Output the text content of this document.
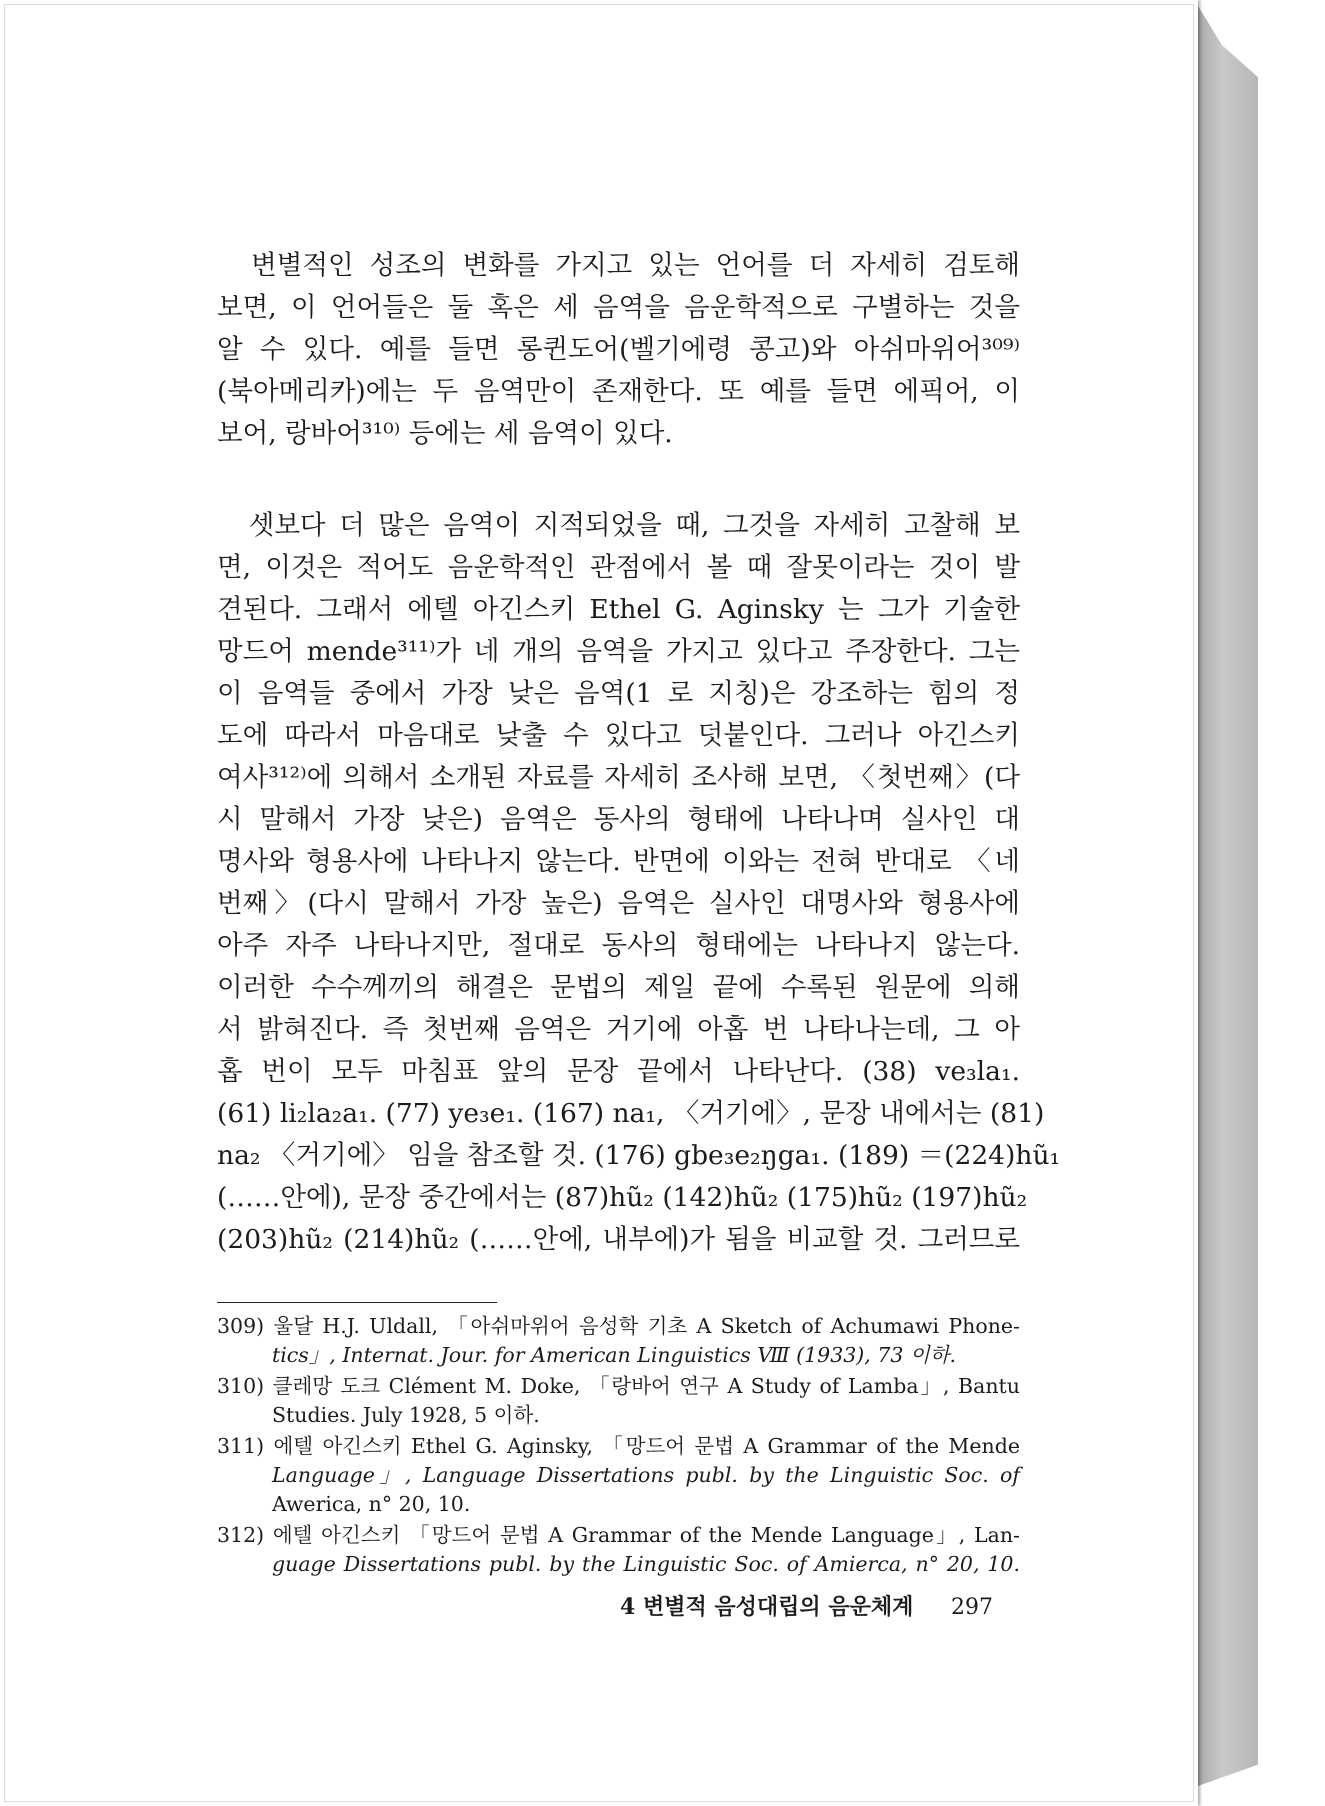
　변별적인 성조의 변화를 가지고 있는 언어를 더 자세히 검토해
보면, 이 언어들은 둘 혹은 세 음역을 음운학적으로 구별하는 것을
알 수 있다. 예를 들면 롱퀸도어(벨기에령 콩고)와 아쉬마위어³⁰⁹⁾
(북아메리카)에는 두 음역만이 존재한다. 또 예를 들면 에픽어, 이
보어, 랑바어³¹⁰⁾ 등에는 세 음역이 있다.
　셋보다 더 많은 음역이 지적되었을 때, 그것을 자세히 고찰해 보
면, 이것은 적어도 음운학적인 관점에서 볼 때 잘못이라는 것이 발
견된다. 그래서 에텔 아긴스키 Ethel G. Aginsky 는 그가 기술한
망드어 mende³¹¹⁾가 네 개의 음역을 가지고 있다고 주장한다. 그는
이 음역들 중에서 가장 낮은 음역(1 로 지칭)은 강조하는 힘의 정
도에 따라서 마음대로 낮출 수 있다고 덧붙인다. 그러나 아긴스키
여사³¹²⁾에 의해서 소개된 자료를 자세히 조사해 보면, 〈첫번째〉(다
시 말해서 가장 낮은) 음역은 동사의 형태에 나타나며 실사인 대
명사와 형용사에 나타나지 않는다. 반면에 이와는 전혀 반대로 〈네
번째〉(다시 말해서 가장 높은) 음역은 실사인 대명사와 형용사에
아주 자주 나타나지만, 절대로 동사의 형태에는 나타나지 않는다.
이러한 수수께끼의 해결은 문법의 제일 끝에 수록된 원문에 의해
서 밝혀진다. 즉 첫번째 음역은 거기에 아홉 번 나타나는데, 그 아
홉 번이 모두 마침표 앞의 문장 끝에서 나타난다. (38) ve₃la₁.
(61) li₂la₂a₁. (77) ye₃e₁. (167) na₁, 〈거기에〉, 문장 내에서는 (81)
na₂ 〈거기에〉 임을 참조할 것. (176) gbe₃e₂ŋga₁. (189) ＝(224)hũ₁
(……안에), 문장 중간에서는 (87)hũ₂ (142)hũ₂ (175)hũ₂ (197)hũ₂
(203)hũ₂ (214)hũ₂ (……안에, 내부에)가 됨을 비교할 것. 그러므로
309) 울달 H.J. Uldall, 「아쉬마위어 음성학 기초 A Sketch of Achumawi Phone-
tics」, Internat. Jour. for American Linguistics Ⅷ (1933), 73 이하.
310) 클레망 도크 Clément M. Doke, 「랑바어 연구 A Study of Lamba」, Bantu
Studies. July 1928, 5 이하.
311) 에텔 아긴스키 Ethel G. Aginsky, 「망드어 문법 A Grammar of the Mende
Language」, Language Dissertations publ. by the Linguistic Soc. of
Awerica, n° 20, 10.
312) 에텔 아긴스키 「망드어 문법 A Grammar of the Mende Language」, Lan-
guage Dissertations publ. by the Linguistic Soc. of Amierca, n° 20, 10.
4 변별적 음성대립의 음운체계 297
